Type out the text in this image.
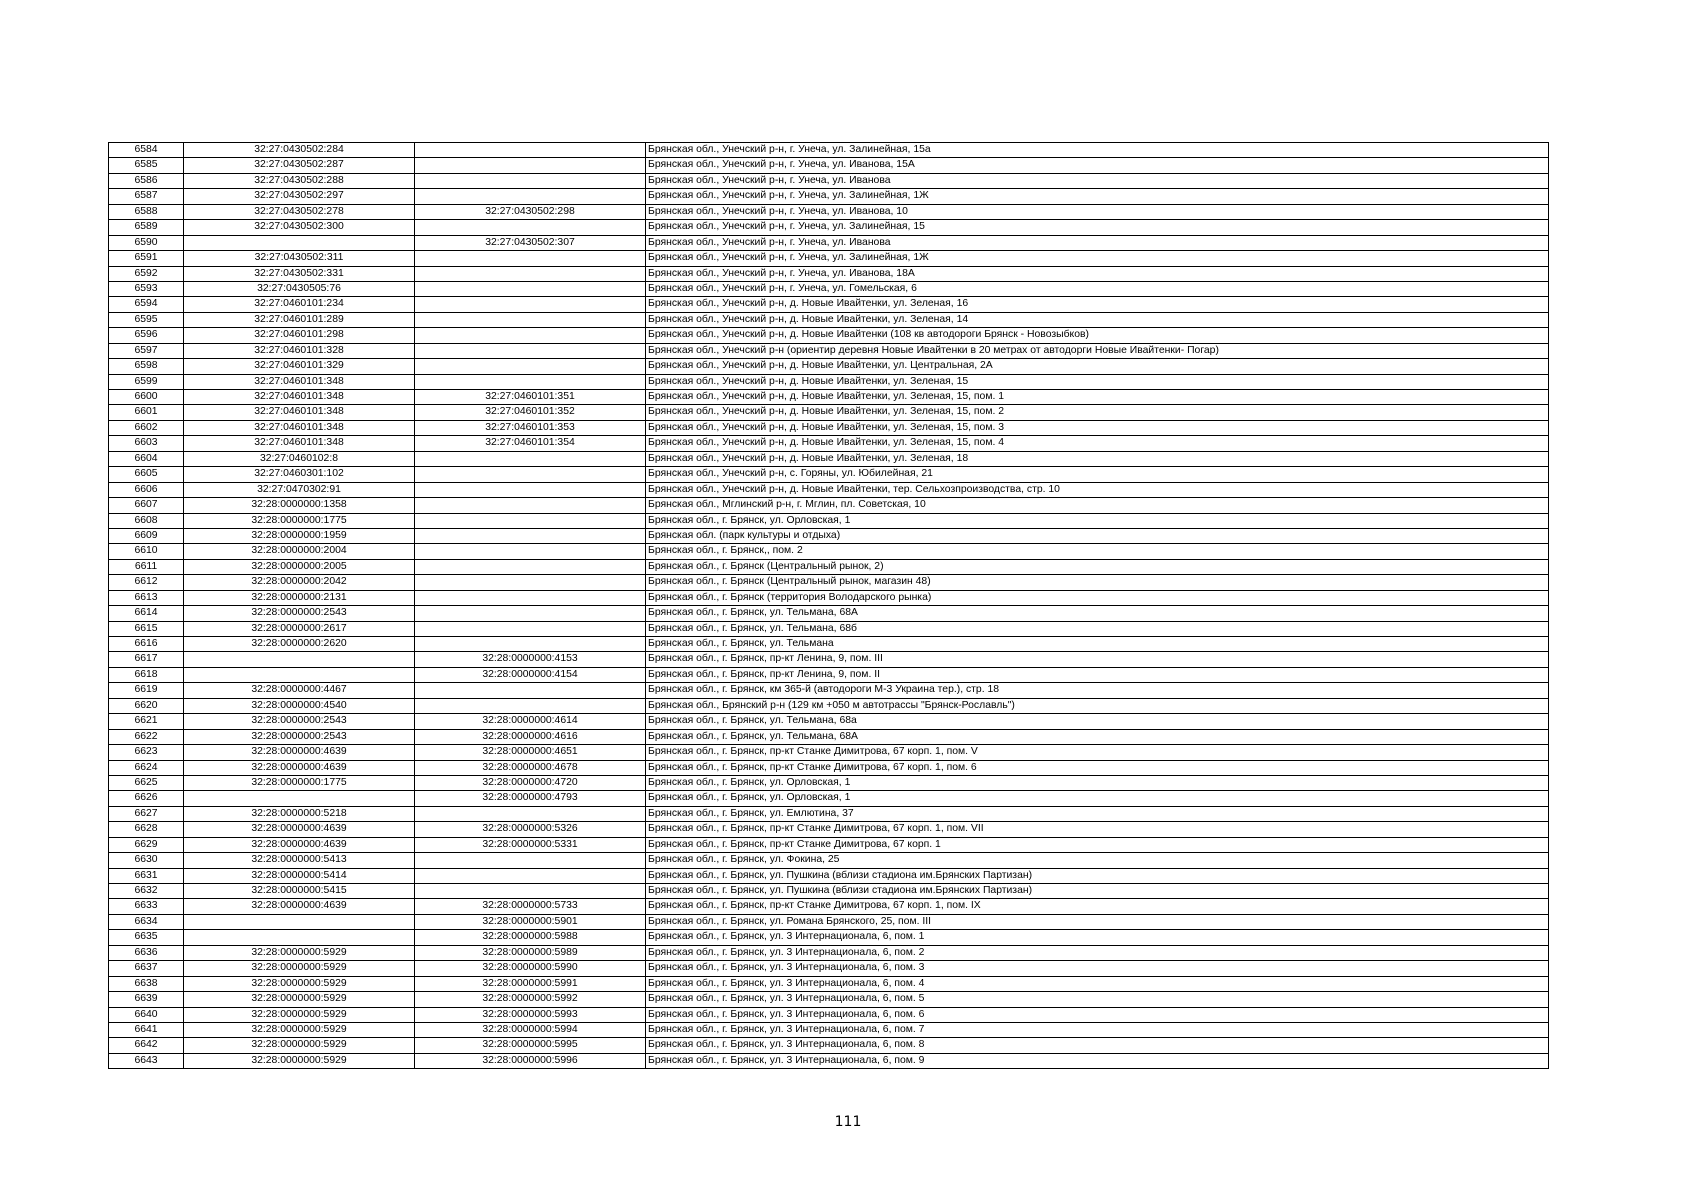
6584	32:27:0430502:284		Брянская обл., Унечский р-н, г. Унеча, ул. Залинейная, 15а
6585	32:27:0430502:287		Брянская обл., Унечский р-н, г. Унеча, ул. Иванова, 15А
6586	32:27:0430502:288		Брянская обл., Унечский р-н, г. Унеча, ул. Иванова
6587	32:27:0430502:297		Брянская обл., Унечский р-н, г. Унеча, ул. Залинейная, 1Ж
6588	32:27:0430502:278	32:27:0430502:298	Брянская обл., Унечский р-н, г. Унеча, ул. Иванова, 10
6589	32:27:0430502:300		Брянская обл., Унечский р-н, г. Унеча, ул. Залинейная, 15
6590		32:27:0430502:307	Брянская обл., Унечский р-н, г. Унеча, ул. Иванова
6591	32:27:0430502:311		Брянская обл., Унечский р-н, г. Унеча, ул. Залинейная, 1Ж
6592	32:27:0430502:331		Брянская обл., Унечский р-н, г. Унеча, ул. Иванова, 18А
6593	32:27:0430505:76		Брянская обл., Унечский р-н, г. Унеча, ул. Гомельская, 6
6594	32:27:0460101:234		Брянская обл., Унечский р-н, д. Новые Ивайтенки, ул. Зеленая, 16
6595	32:27:0460101:289		Брянская обл., Унечский р-н, д. Новые Ивайтенки, ул. Зеленая, 14
6596	32:27:0460101:298		Брянская обл., Унечский р-н, д. Новые Ивайтенки (108 кв автодороги Брянск - Новозыбков)
6597	32:27:0460101:328		Брянская обл., Унечский р-н (ориентир деревня Новые Ивайтенки в 20 метрах от автодорги Новые Ивайтенки- Погар)
6598	32:27:0460101:329		Брянская обл., Унечский р-н, д. Новые Ивайтенки, ул. Центральная, 2А
6599	32:27:0460101:348		Брянская обл., Унечский р-н, д. Новые Ивайтенки, ул. Зеленая, 15
6600	32:27:0460101:348	32:27:0460101:351	Брянская обл., Унечский р-н, д. Новые Ивайтенки, ул. Зеленая, 15, пом. 1
6601	32:27:0460101:348	32:27:0460101:352	Брянская обл., Унечский р-н, д. Новые Ивайтенки, ул. Зеленая, 15, пом. 2
6602	32:27:0460101:348	32:27:0460101:353	Брянская обл., Унечский р-н, д. Новые Ивайтенки, ул. Зеленая, 15, пом. 3
6603	32:27:0460101:348	32:27:0460101:354	Брянская обл., Унечский р-н, д. Новые Ивайтенки, ул. Зеленая, 15, пом. 4
6604	32:27:0460102:8		Брянская обл., Унечский р-н, д. Новые Ивайтенки, ул. Зеленая, 18
6605	32:27:0460301:102		Брянская обл., Унечский р-н, с. Горяны, ул. Юбилейная, 21
6606	32:27:0470302:91		Брянская обл., Унечский р-н, д. Новые Ивайтенки, тер. Сельхозпроизводства, стр. 10
6607	32:28:0000000:1358		Брянская обл., Мглинский р-н, г. Мглин, пл. Советская, 10
6608	32:28:0000000:1775		Брянская обл., г. Брянск, ул. Орловская, 1
6609	32:28:0000000:1959		Брянская обл. (парк культуры и отдыха)
6610	32:28:0000000:2004		Брянская обл., г. Брянск,, пом. 2
6611	32:28:0000000:2005		Брянская обл., г. Брянск (Центральный рынок, 2)
6612	32:28:0000000:2042		Брянская обл., г. Брянск (Центральный рынок, магазин 48)
6613	32:28:0000000:2131		Брянская обл., г. Брянск (территория Володарского рынка)
6614	32:28:0000000:2543		Брянская обл., г. Брянск, ул. Тельмана, 68А
6615	32:28:0000000:2617		Брянская обл., г. Брянск, ул. Тельмана, 68б
6616	32:28:0000000:2620		Брянская обл., г. Брянск, ул. Тельмана
6617		32:28:0000000:4153	Брянская обл., г. Брянск, пр-кт Ленина, 9, пом. III
6618		32:28:0000000:4154	Брянская обл., г. Брянск, пр-кт Ленина, 9, пом. II
6619	32:28:0000000:4467		Брянская обл., г. Брянск, км 365-й (автодороги М-3 Украина тер.), стр. 18
6620	32:28:0000000:4540		Брянская обл., Брянский р-н (129 км +050 м автотрассы "Брянск-Рославль")
6621	32:28:0000000:2543	32:28:0000000:4614	Брянская обл., г. Брянск, ул. Тельмана, 68а
6622	32:28:0000000:2543	32:28:0000000:4616	Брянская обл., г. Брянск, ул. Тельмана, 68А
6623	32:28:0000000:4639	32:28:0000000:4651	Брянская обл., г. Брянск, пр-кт Станке Димитрова, 67 корп. 1, пом. V
6624	32:28:0000000:4639	32:28:0000000:4678	Брянская обл., г. Брянск, пр-кт Станке Димитрова, 67 корп. 1, пом. 6
6625	32:28:0000000:1775	32:28:0000000:4720	Брянская обл., г. Брянск, ул. Орловская, 1
6626		32:28:0000000:4793	Брянская обл., г. Брянск, ул. Орловская, 1
6627	32:28:0000000:5218		Брянская обл., г. Брянск, ул. Емлютина, 37
6628	32:28:0000000:4639	32:28:0000000:5326	Брянская обл., г. Брянск, пр-кт Станке Димитрова, 67 корп. 1, пом. VII
6629	32:28:0000000:4639	32:28:0000000:5331	Брянская обл., г. Брянск, пр-кт Станке Димитрова, 67 корп. 1
6630	32:28:0000000:5413		Брянская обл., г. Брянск, ул. Фокина, 25
6631	32:28:0000000:5414		Брянская обл., г. Брянск, ул. Пушкина (вблизи стадиона им.Брянских Партизан)
6632	32:28:0000000:5415		Брянская обл., г. Брянск, ул. Пушкина (вблизи стадиона им.Брянских Партизан)
6633	32:28:0000000:4639	32:28:0000000:5733	Брянская обл., г. Брянск, пр-кт Станке Димитрова, 67 корп. 1, пом. IX
6634		32:28:0000000:5901	Брянская обл., г. Брянск, ул. Романа Брянского, 25, пом. III
6635		32:28:0000000:5988	Брянская обл., г. Брянск, ул. 3 Интернационала, 6, пом. 1
6636	32:28:0000000:5929	32:28:0000000:5989	Брянская обл., г. Брянск, ул. 3 Интернационала, 6, пом. 2
6637	32:28:0000000:5929	32:28:0000000:5990	Брянская обл., г. Брянск, ул. 3 Интернационала, 6, пом. 3
6638	32:28:0000000:5929	32:28:0000000:5991	Брянская обл., г. Брянск, ул. 3 Интернационала, 6, пом. 4
6639	32:28:0000000:5929	32:28:0000000:5992	Брянская обл., г. Брянск, ул. 3 Интернационала, 6, пом. 5
6640	32:28:0000000:5929	32:28:0000000:5993	Брянская обл., г. Брянск, ул. 3 Интернационала, 6, пом. 6
6641	32:28:0000000:5929	32:28:0000000:5994	Брянская обл., г. Брянск, ул. 3 Интернационала, 6, пом. 7
6642	32:28:0000000:5929	32:28:0000000:5995	Брянская обл., г. Брянск, ул. 3 Интернационала, 6, пом. 8
6643	32:28:0000000:5929	32:28:0000000:5996	Брянская обл., г. Брянск, ул. 3 Интернационала, 6, пом. 9
111
